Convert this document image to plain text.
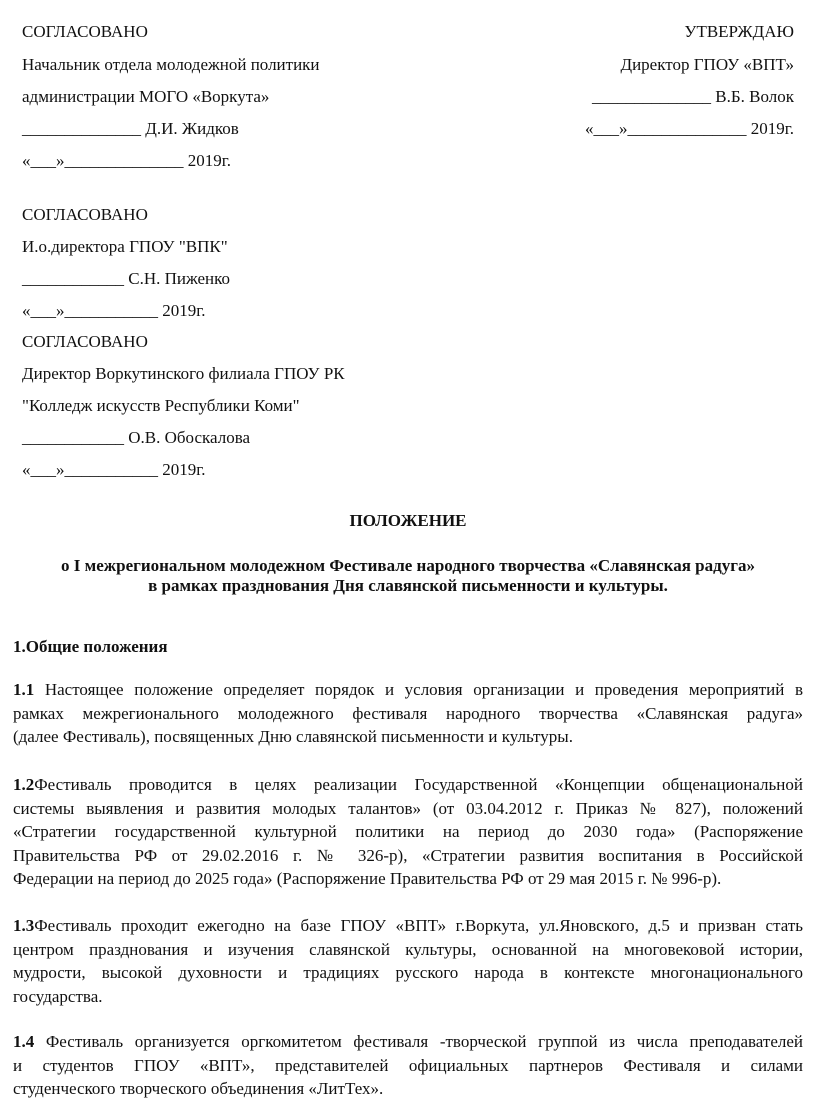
СОГЛАСОВАНО
Начальник отдела молодежной политики
администрации МОГО «Воркута»
______________ Д.И. Жидков
«___»______________ 2019г.
УТВЕРЖДАЮ
Директор ГПОУ «ВПТ»
______________ В.Б. Волок
«___»______________ 2019г.
СОГЛАСОВАНО
И.о.директора ГПОУ "ВПК"
____________ С.Н. Пиженко
«___»___________ 2019г.
СОГЛАСОВАНО
Директор Воркутинского филиала ГПОУ РК
"Колледж искусств Республики Коми"
____________ О.В. Обоскалова
«___»___________ 2019г.
ПОЛОЖЕНИЕ
о I межрегиональном молодежном Фестивале народного творчества «Славянская радуга»
в рамках празднования Дня славянской письменности и культуры.
1.Общие положения
1.1 Настоящее положение определяет порядок и условия организации и проведения мероприятий в
рамках межрегионального молодежного фестиваля народного творчества «Славянская радуга»
(далее Фестиваль), посвященных Дню славянской письменности и культуры.
1.2Фестиваль проводится в целях реализации Государственной «Концепции общенациональной
системы выявления и развития молодых талантов» (от 03.04.2012 г. Приказ № 827), положений
«Стратегии государственной культурной политики на период до 2030 года» (Распоряжение
Правительства РФ от 29.02.2016 г. № 326-р), «Стратегии развития воспитания в Российской
Федерации на период до 2025 года» (Распоряжение Правительства РФ от 29 мая 2015 г. № 996-р).
1.3Фестиваль проходит ежегодно на базе ГПОУ «ВПТ» г.Воркута, ул.Яновского, д.5 и призван стать
центром празднования и изучения славянской культуры, основанной на многовековой истории,
мудрости, высокой духовности и традициях русского народа в контексте многонационального
государства.
1.4 Фестиваль организуется оргкомитетом фестиваля -творческой группой из числа преподавателей
и студентов ГПОУ «ВПТ», представителей официальных партнеров Фестиваля и силами
студенческого творческого объединения «ЛитТех».
